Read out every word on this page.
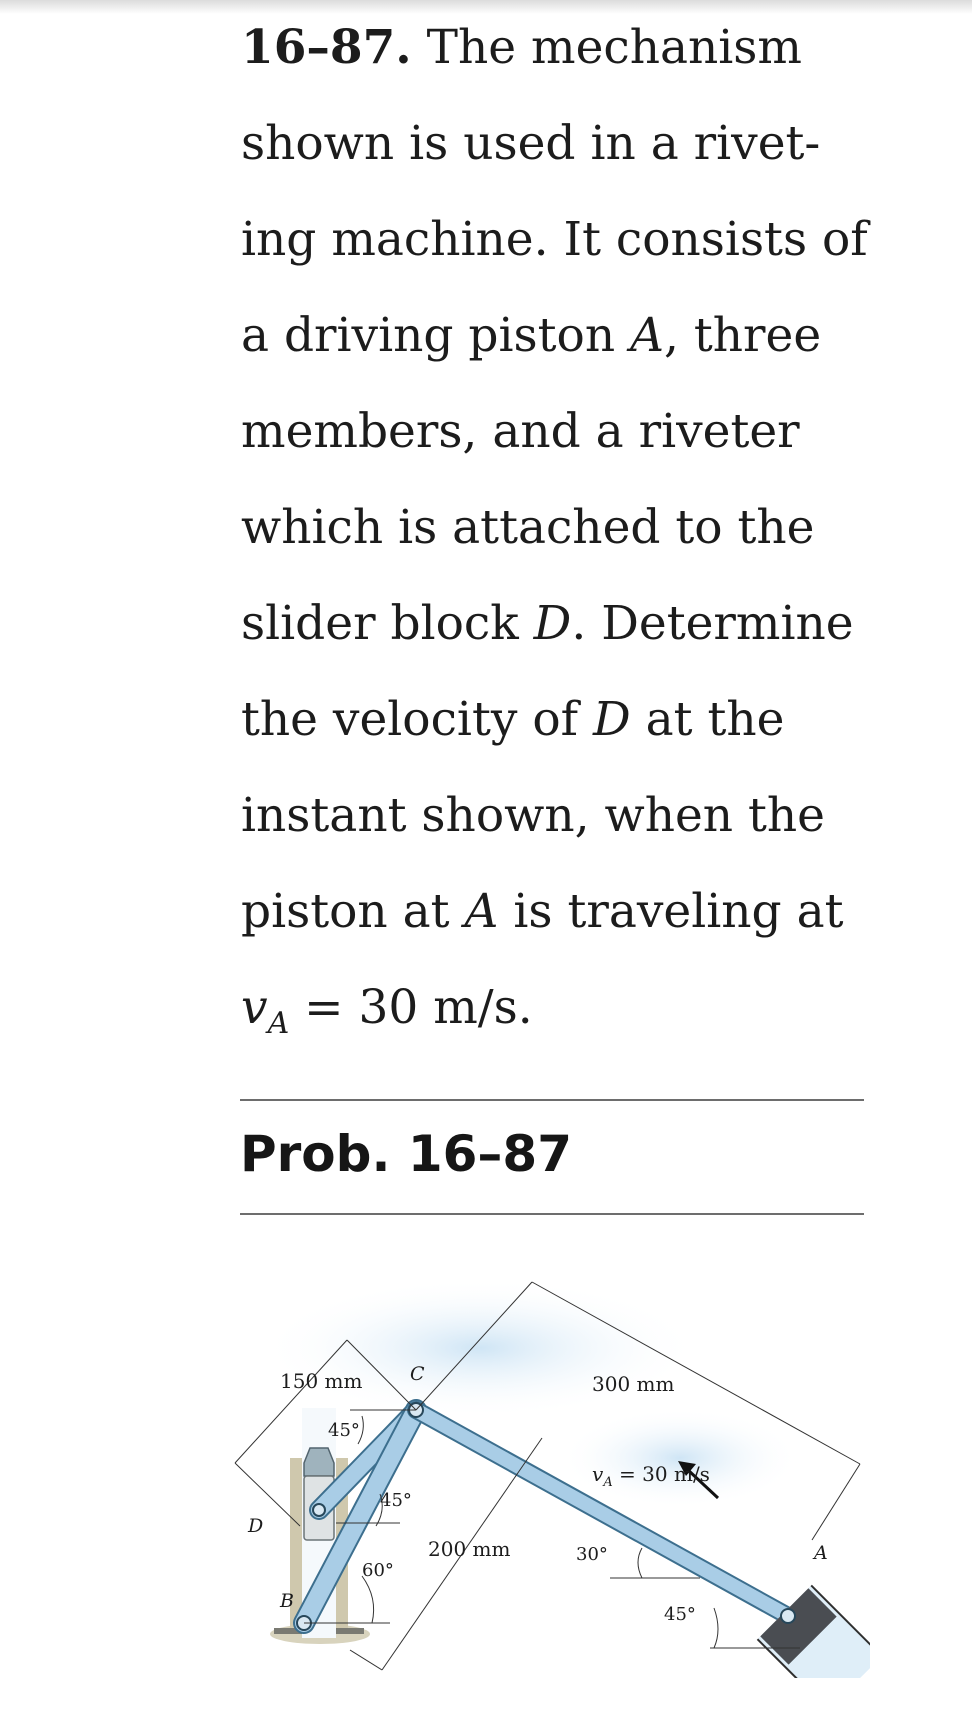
16–87. The mechanism
shown is used in a rivet-
ing machine. It consists of
a driving piston A, three
members, and a riveter
which is attached to the
slider block D. Determine
the velocity of D at the
instant shown, when the
piston at A is traveling at
$v_A = 30$ m/s.
Prob. 16–87
150 mm
200 mm
300 mm
45°
45°
60°
30°
45°
C
D
B
A
$v_A = 30$ m/s
